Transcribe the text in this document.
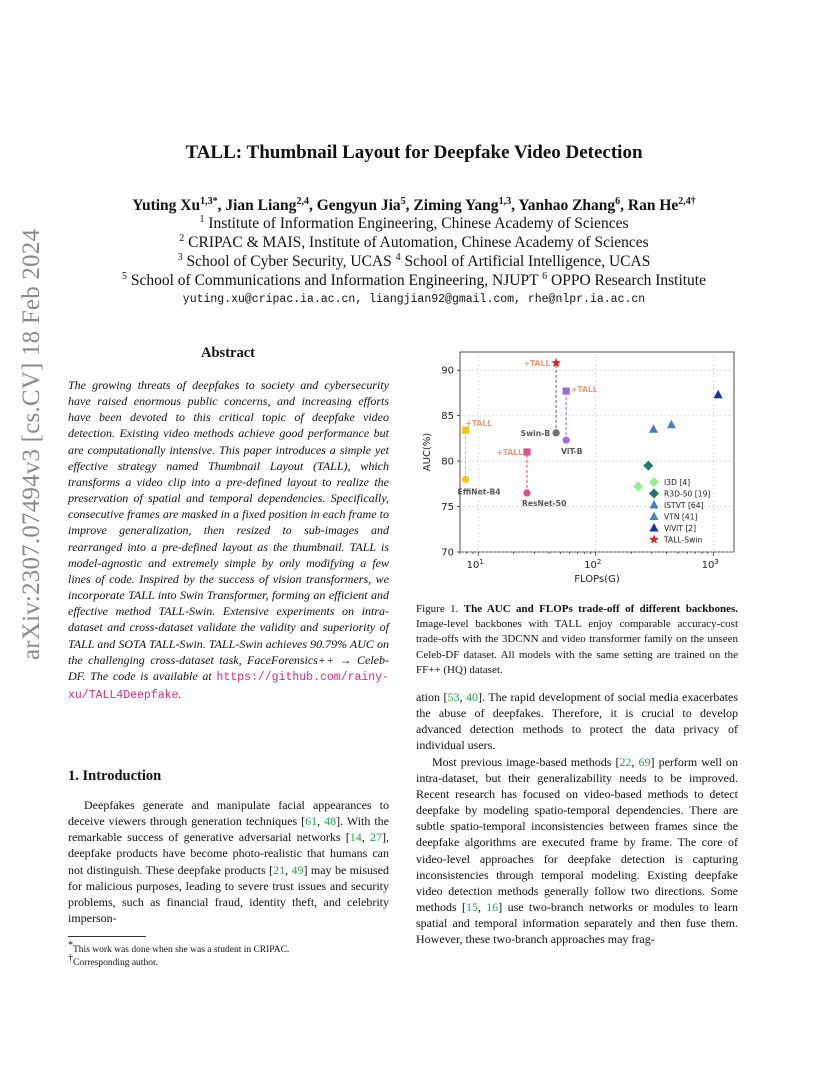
arXiv:2307.07494v3 [cs.CV] 18 Feb 2024
TALL: Thumbnail Layout for Deepfake Video Detection
Yuting $Xu^{1,3*}$, Jian Liang$^{2,4}$, Gengyun Jia$^5$, Ziming Yang$^{1,3}$, Yanhao Zhang$^6$, Ran $He^{2,4\dagger}$
$^1$ Institute of Information Engineering, Chinese Academy of Sciences
$^2$ CRIPAC & MAIS, Institute of Automation, Chinese Academy of Sciences
$^3$ School of Cyber Security, UCAS $^4$ School of Artificial Intelligence, UCAS
$^5$ School of Communications and Information Engineering, NJUPT $^6$ OPPO Research Institute
yuting.xu@cripac.ia.ac.cn, liangjian92@gmail.com, rhe@nlpr.ia.ac.cn
Abstract
The growing threats of deepfakes to society and cybersecurity have raised enormous public concerns, and increasing efforts have been devoted to this critical topic of deepfake video detection. Existing video methods achieve good performance but are computationally intensive. This paper introduces a simple yet effective strategy named Thumbnail Layout (TALL), which transforms a video clip into a pre-defined layout to realize the preservation of spatial and temporal dependencies. Specifically, consecutive frames are masked in a fixed position in each frame to improve generalization, then resized to sub-images and rearranged into a pre-defined layout as the thumbnail. TALL is model-agnostic and extremely simple by only modifying a few lines of code. Inspired by the success of vision transformers, we incorporate TALL into Swin Transformer, forming an efficient and effective method TALL-Swin. Extensive experiments on intra-dataset and cross-dataset validate the validity and superiority of TALL and SOTA TALL-Swin. TALL-Swin achieves 90.79% AUC on the challenging cross-dataset task, FaceForensics++ → Celeb-DF. The code is available at https://github.com/rainy-xu/TALL4Deepfake.
1. Introduction
Deepfakes generate and manipulate facial appearances to deceive viewers through generation techniques [61, 48]. With the remarkable success of generative adversarial networks [14, 27], deepfake products have become photo-realistic that humans can not distinguish. These deepfake products [21, 49] may be misused for malicious purposes, leading to severe trust issues and security problems, such as financial fraud, identity theft, and celebrity imperson-
*This work was done when she was a student in CRIPAC.
†Corresponding author.
70
75
80
85
90
$10^1$	$10^2$	$10^3$
FLOPs(G)
AUC(%)
EffiNet-B4
+TALL
ResNet-50
+TALL
Swin-B
+TALL
ViT-B
+TALL
I3D [4]
R3D-50 [19]
ISTVT [64]
VTN [41]
ViViT [2]
TALL-Swin
Figure 1. The AUC and FLOPs trade-off of different backbones. Image-level backbones with TALL enjoy comparable accuracy-cost trade-offs with the 3DCNN and video transformer family on the unseen Celeb-DF dataset. All models with the same setting are trained on the FF++ (HQ) dataset.

ation [53, 40]. The rapid development of social media exacerbates the abuse of deepfakes. Therefore, it is crucial to develop advanced detection methods to protect the data privacy of individual users.

Most previous image-based methods [22, 69] perform well on intra-dataset, but their generalizability needs to be improved. Recent research has focused on video-based methods to detect deepfake by modeling spatio-temporal dependencies. There are subtle spatio-temporal inconsistencies between frames since the deepfake algorithms are executed frame by frame. The core of video-level approaches for deepfake detection is capturing inconsistencies through temporal modeling. Existing deepfake video detection methods generally follow two directions. Some methods [15, 16] use two-branch networks or modules to learn spatial and temporal information separately and then fuse them. However, these two-branch approaches may frag-
